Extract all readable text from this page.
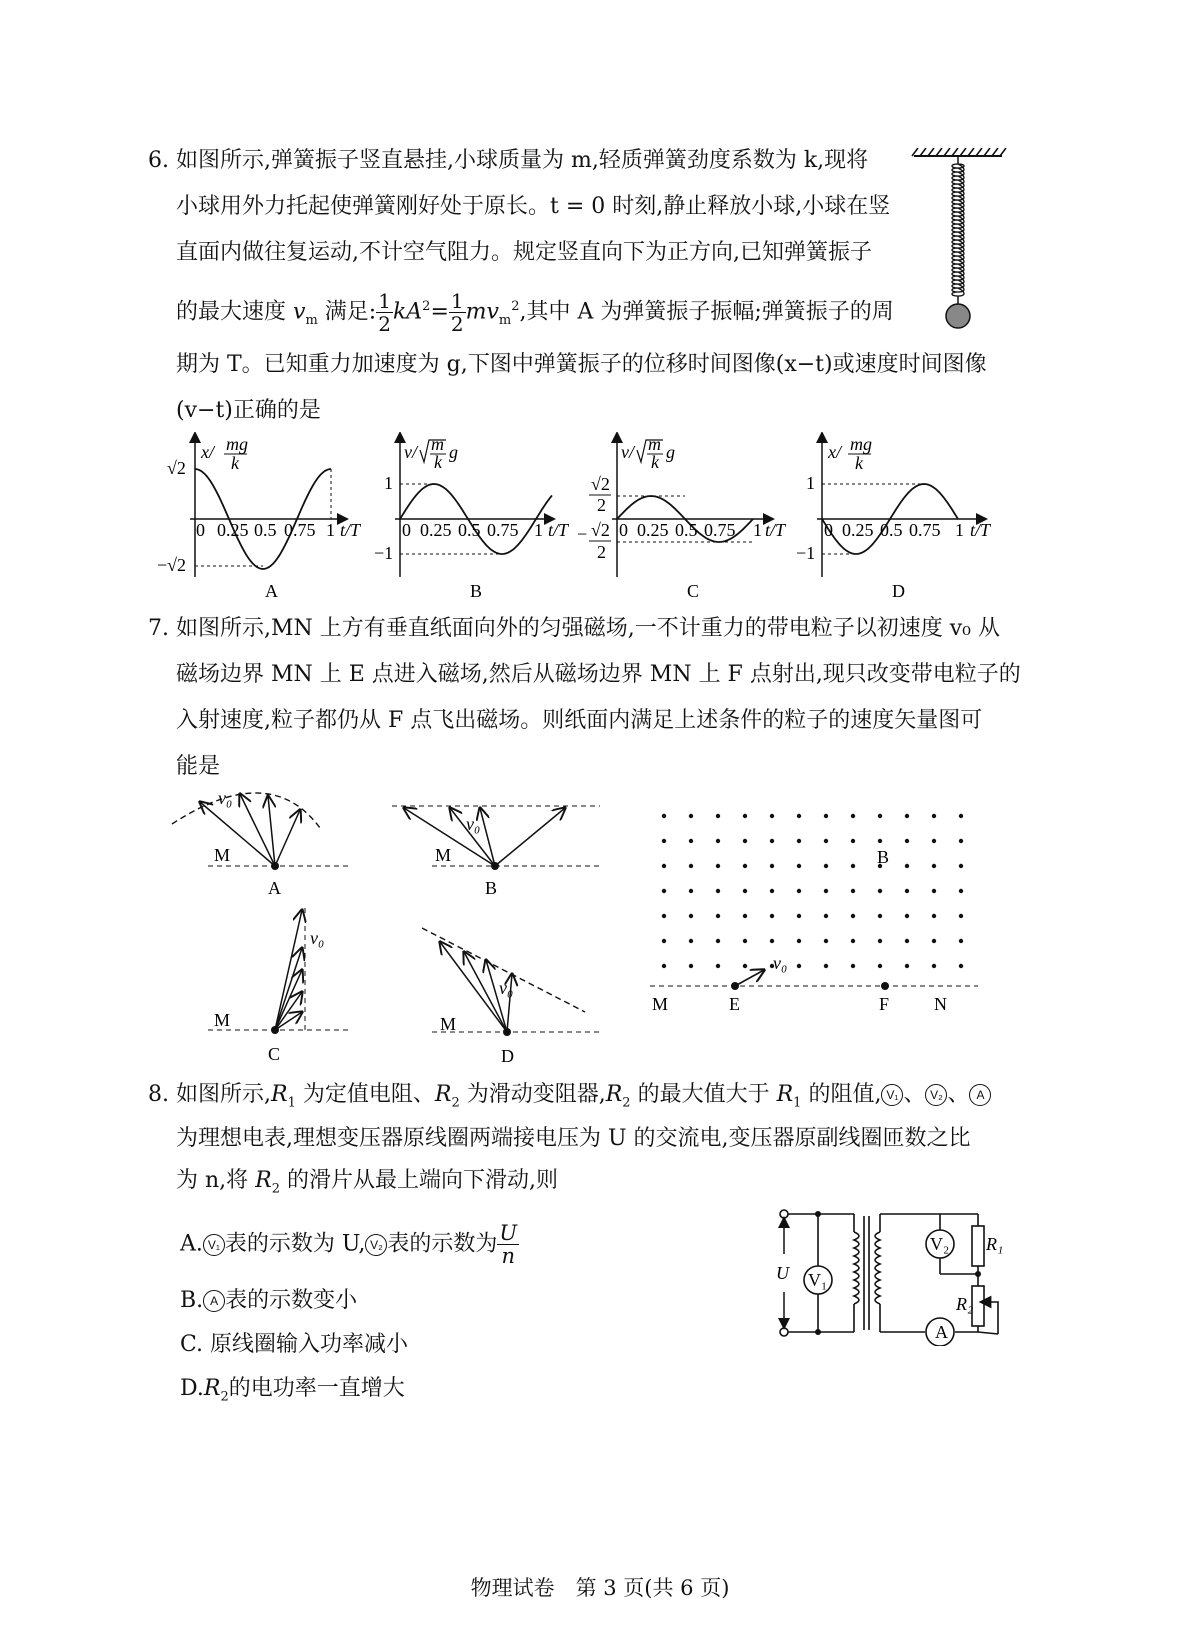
6. 如图所示,弹簧振子竖直悬挂,小球质量为 m,轻质弹簧劲度系数为 k,现将
小球用外力托起使弹簧刚好处于原长。t = 0 时刻,静止释放小球,小球在竖
直面内做往复运动,不计空气阻力。规定竖直向下为正方向,已知弹簧振子
的最大速度 $v_m$ 满足: $\frac{1}{2} kA^2= \frac{1}{2} mv_m^2$,其中 A 为弹簧振子振幅;弹簧振子的周
期为 T。已知重力加速度为 g,下图中弹簧振子的位移时间图像(x−t)或速度时间图像
(v−t)正确的是
√2
−√2
x/ mg
k
0 0.25 0.5 0.75 1 t/T
A
1
−1
v/ m
k g
0 0.25 0.5 0.75 1 t/T
B
√2
2
− √2
2
v/ m
k g
0 0.25 0.5 0.75 1 t/T
C
1
−1
x/ mg
k
0 0.25 0.5 0.75 1 t/T
D
7. 如图所示,MN 上方有垂直纸面向外的匀强磁场,一不计重力的带电粒子以初速度 v₀ 从
磁场边界 MN 上 E 点进入磁场,然后从磁场边界 MN 上 F 点射出,现只改变带电粒子的
入射速度,粒子都仍从 F 点飞出磁场。则纸面内满足上述条件的粒子的速度矢量图可
能是
v₀
M
A
v₀
M
B
v₀
M
C
v₀
M
D
v₀
B
M	E	F N
8. 如图所示$,R_1$ 为定值电阻、$R_2$ 为滑动变阻器$,R_2$ 的最大值大于 $R_1$ 的阻值, V₁ 、 V₂ 、 A
为理想电表,理想变压器原线圈两端接电压为 U 的交流电,变压器原副线圈匝数之比
为 n,将 $R_2$ 的滑片从最上端向下滑动,则
A. V₁ 表的示数为 U, V₂ 表的示数为 $\frac{U}{n}$
B. A 表的示数变小
C. 原线圈输入功率减小
$D.R_2$的电功率一直增大
U V₁
V₂
A
R₁
R₂
物理试卷　第 3 页(共 6 页)
